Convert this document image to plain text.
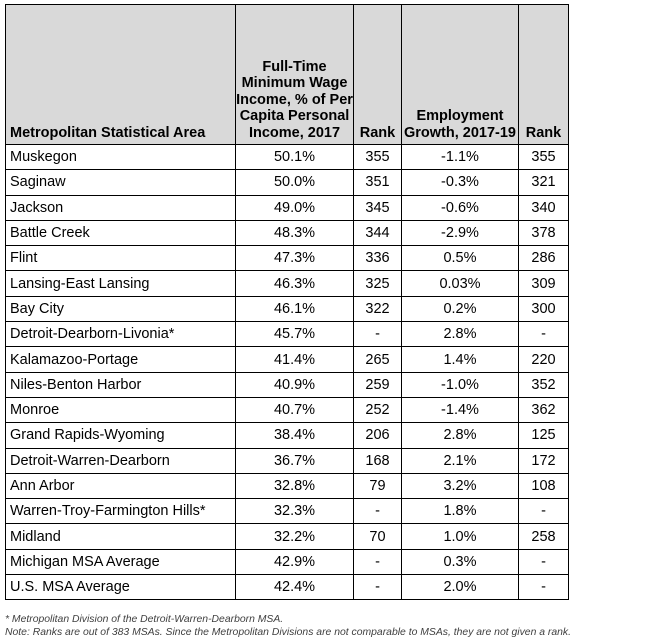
Metropolitan Statistical Area	Full-Time Minimum Wage Income, % of Per Capita Personal Income, 2017	Rank	Employment Growth, 2017-19	Rank
Muskegon	50.1%	355	-1.1%	355
Saginaw	50.0%	351	-0.3%	321
Jackson	49.0%	345	-0.6%	340
Battle Creek	48.3%	344	-2.9%	378
Flint	47.3%	336	0.5%	286
Lansing-East Lansing	46.3%	325	0.03%	309
Bay City	46.1%	322	0.2%	300
Detroit-Dearborn-Livonia*	45.7%	-	2.8%	-
Kalamazoo-Portage	41.4%	265	1.4%	220
Niles-Benton Harbor	40.9%	259	-1.0%	352
Monroe	40.7%	252	-1.4%	362
Grand Rapids-Wyoming	38.4%	206	2.8%	125
Detroit-Warren-Dearborn	36.7%	168	2.1%	172
Ann Arbor	32.8%	79	3.2%	108
Warren-Troy-Farmington Hills*	32.3%	-	1.8%	-
Midland	32.2%	70	1.0%	258
Michigan MSA Average	42.9%	-	0.3%	-
U.S. MSA Average	42.4%	-	2.0%	-
* Metropolitan Division of the Detroit-Warren-Dearborn MSA.
Note: Ranks are out of 383 MSAs. Since the Metropolitan Divisions are not comparable to MSAs, they are not given a rank.
